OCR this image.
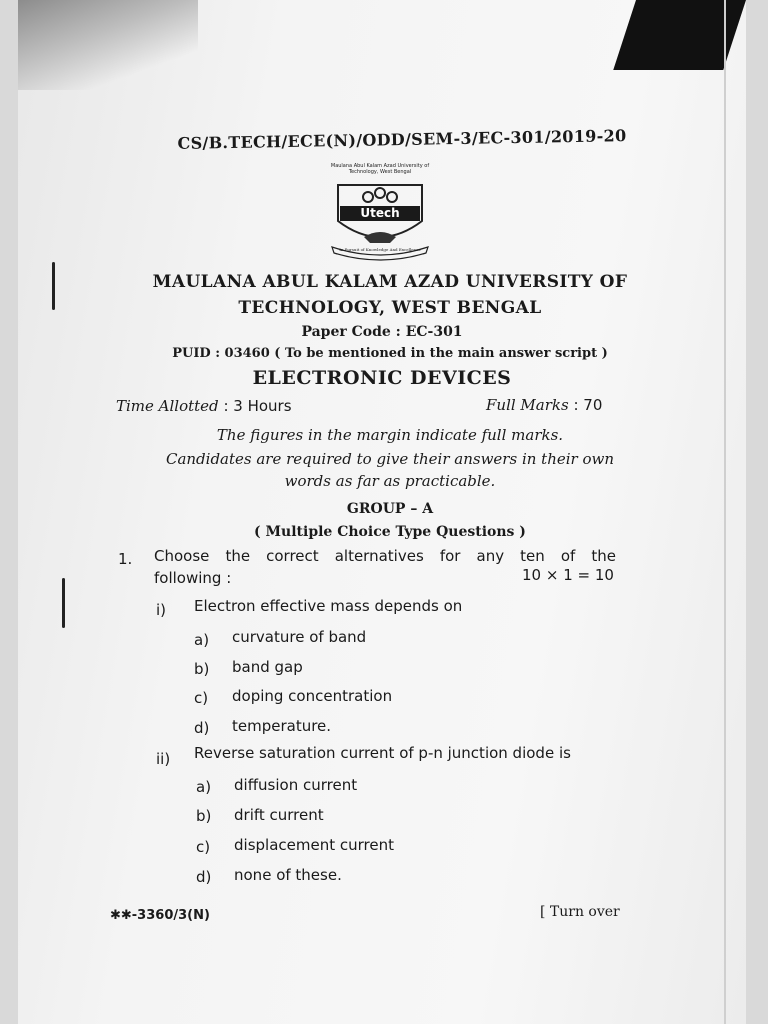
CS/B.TECH/ECE(N)/ODD/SEM-3/EC-301/2019-20
Maulana Abul Kalam Azad University of Technology, West Bengal
Utech
In Pursuit of Knowledge And Excellence
MAULANA ABUL KALAM AZAD UNIVERSITY OF
TECHNOLOGY, WEST BENGAL
Paper Code : EC-301
PUID : 03460 ( To be mentioned in the main answer script )
ELECTRONIC DEVICES
Time Allotted : 3 Hours	Full Marks : 70
The figures in the margin indicate full marks.
Candidates are required to give their answers in their own
words as far as practicable.
GROUP – A
( Multiple Choice Type Questions )
1. Choose the correct alternatives for any ten of the
following :	10 × 1 = 10
i) Electron effective mass depends on
a) curvature of band
b) band gap
c) doping concentration
d) temperature.
ii) Reverse saturation current of p-n junction diode is
a) diffusion current
b) drift current
c) displacement current
d) none of these.
✱✱-3360/3(N)	[ Turn over
